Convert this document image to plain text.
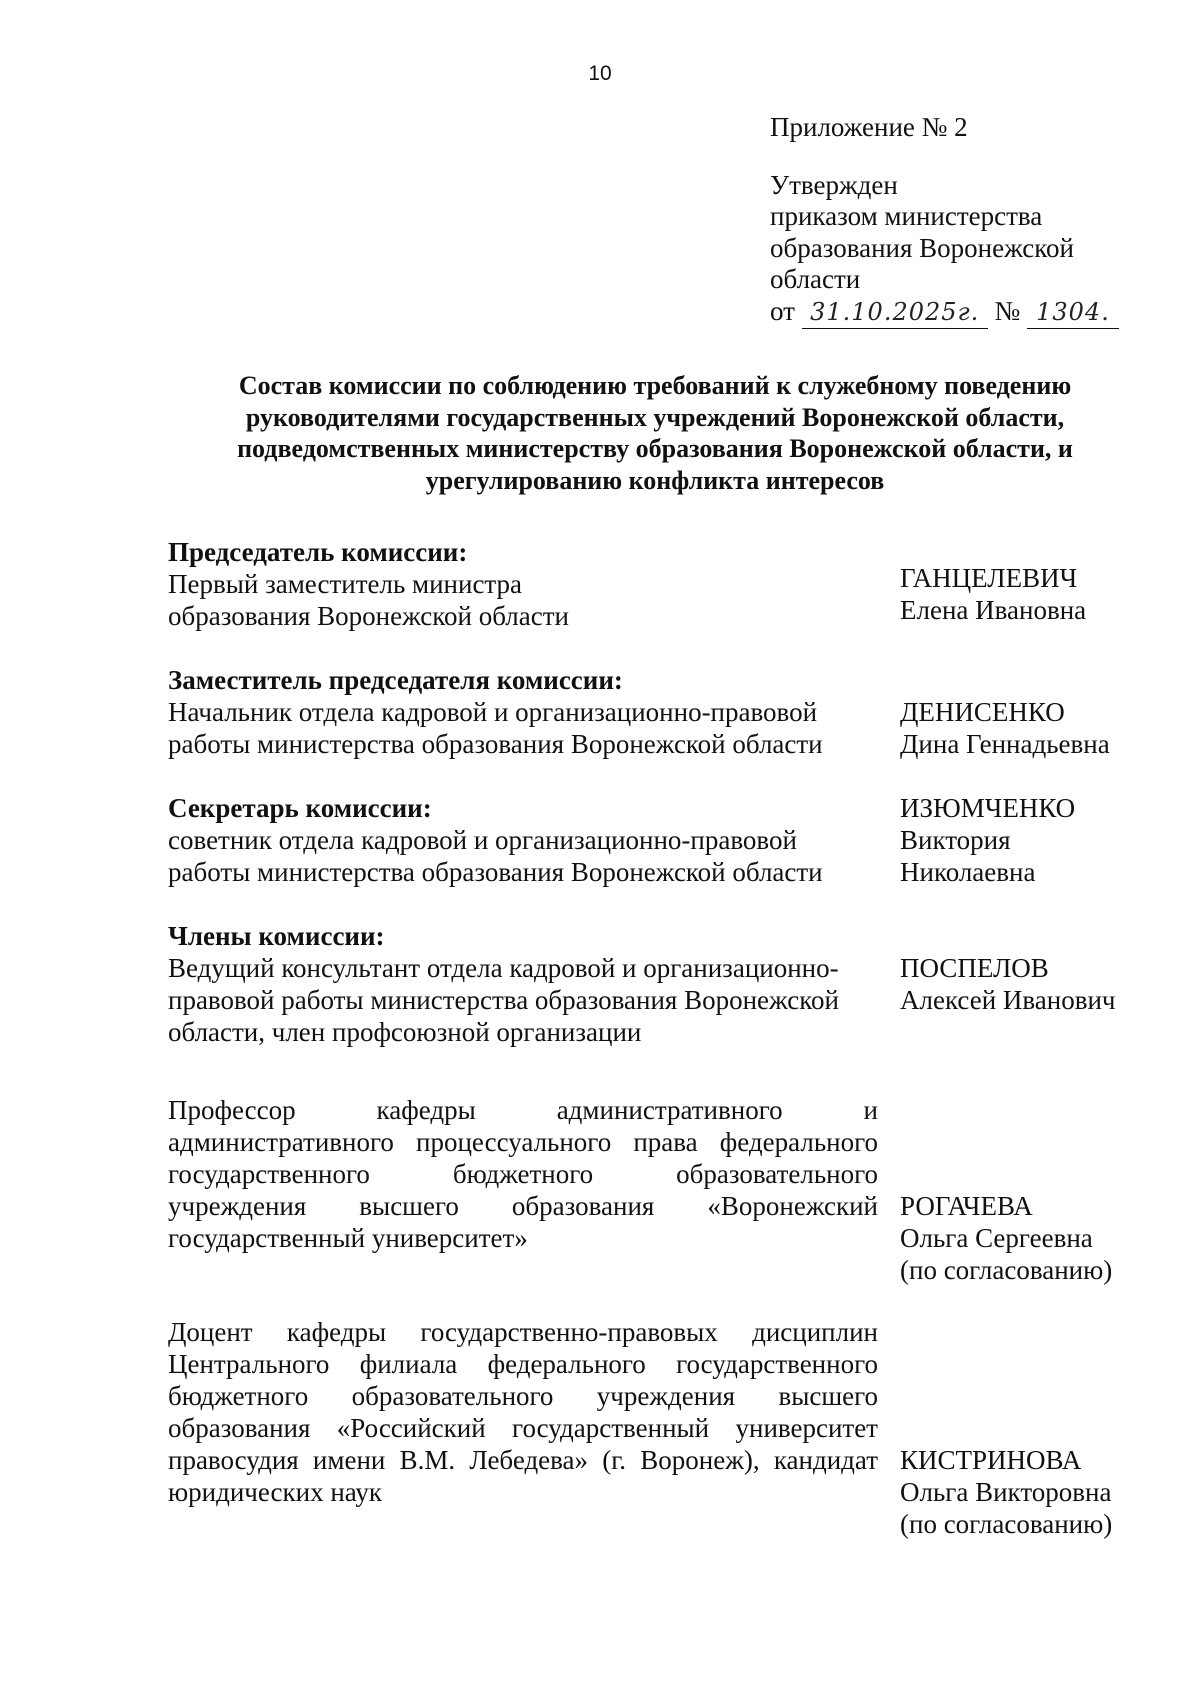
10
Приложение № 2
Утвержден
приказом министерства
образования Воронежской
области
от 31.10.2025г. № 1304.
Состав комиссии по соблюдению требований к служебному поведению
руководителями государственных учреждений Воронежской области,
подведомственных министерству образования Воронежской области, и
урегулированию конфликта интересов
Председатель комиссии:
Первый заместитель министра
образования Воронежской области
ГАНЦЕЛЕВИЧ
Елена Ивановна
Заместитель председателя комиссии:
Начальник отдела кадровой и организационно-правовой
работы министерства образования Воронежской области
ДЕНИСЕНКО
Дина Геннадьевна
Секретарь комиссии:
советник отдела кадровой и организационно-правовой
работы министерства образования Воронежской области
ИЗЮМЧЕНКО
Виктория
Николаевна
Члены комиссии:
Ведущий консультант отдела кадровой и организационно-
правовой работы министерства образования Воронежской
области, член профсоюзной организации
ПОСПЕЛОВ
Алексей Иванович
Профессор кафедры административного и
административного процессуального права федерального
государственного бюджетного образовательного
учреждения высшего образования «Воронежский
государственный университет»
РОГАЧЕВА
Ольга Сергеевна
(по согласованию)
Доцент кафедры государственно-правовых дисциплин
Центрального филиала федерального государственного
бюджетного образовательного учреждения высшего
образования «Российский государственный университет
правосудия имени В.М. Лебедева» (г. Воронеж), кандидат
юридических наук
КИСТРИНОВА
Ольга Викторовна
(по согласованию)
